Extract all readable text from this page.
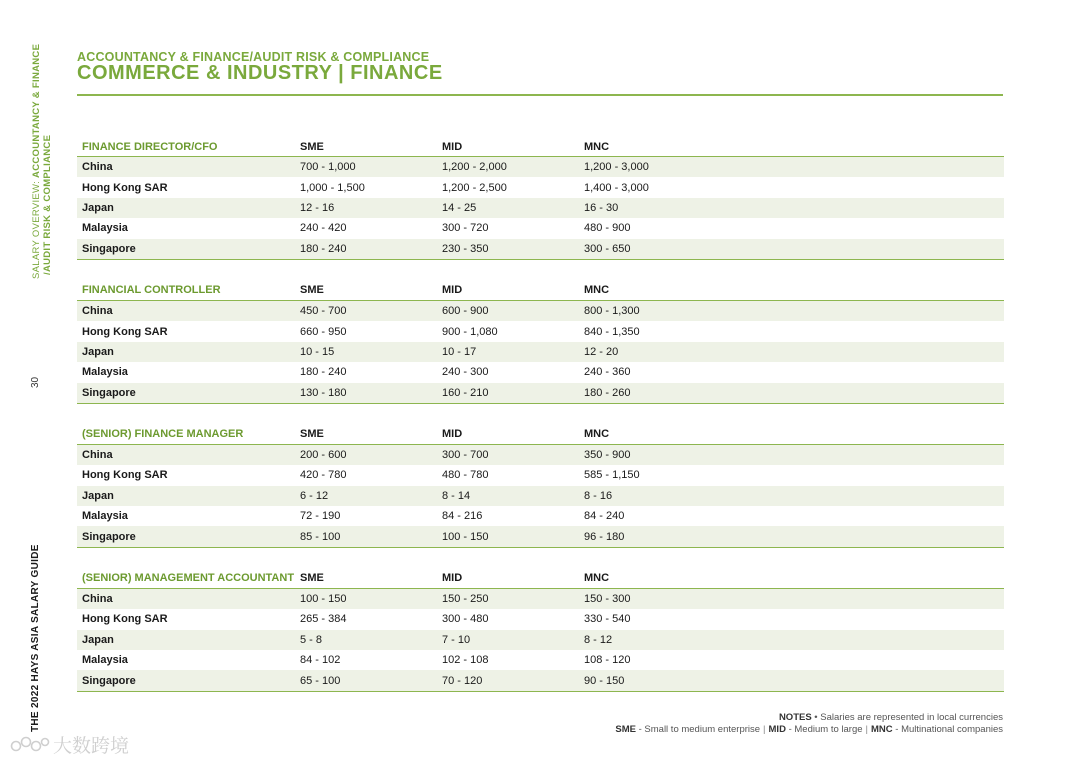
SALARY OVERVIEW: ACCOUNTANCY & FINANCE
/AUDIT RISK & COMPLIANCE
30
THE 2022 HAYS ASIA SALARY GUIDE
ACCOUNTANCY & FINANCE/AUDIT RISK & COMPLIANCE
COMMERCE & INDUSTRY | FINANCE
FINANCE DIRECTOR/CFO	SME	MID	MNC
China	700 - 1,000	1,200 - 2,000	1,200 - 3,000
Hong Kong SAR	1,000 - 1,500	1,200 - 2,500	1,400 - 3,000
Japan	12 - 16	14 - 25	16 - 30
Malaysia	240 - 420	300 - 720	480 - 900
Singapore	180 - 240	230 - 350	300 - 650
FINANCIAL CONTROLLER	SME	MID	MNC
China	450 - 700	600 - 900	800 - 1,300
Hong Kong SAR	660 - 950	900 - 1,080	840 - 1,350
Japan	10 - 15	10 - 17	12 - 20
Malaysia	180 - 240	240 - 300	240 - 360
Singapore	130 - 180	160 - 210	180 - 260
(SENIOR) FINANCE MANAGER	SME	MID	MNC
China	200 - 600	300 - 700	350 - 900
Hong Kong SAR	420 - 780	480 - 780	585 - 1,150
Japan	6 - 12	8 - 14	8 - 16
Malaysia	72 - 190	84 - 216	84 - 240
Singapore	85 - 100	100 - 150	96 - 180
(SENIOR) MANAGEMENT ACCOUNTANT	SME	MID	MNC
China	100 - 150	150 - 250	150 - 300
Hong Kong SAR	265 - 384	300 - 480	330 - 540
Japan	5 - 8	7 - 10	8 - 12
Malaysia	84 - 102	102 - 108	108 - 120
Singapore	65 - 100	70 - 120	90 - 150
NOTES • Salaries are represented in local currencies
SME - Small to medium enterprise | MID - Medium to large | MNC - Multinational companies
大数跨境
